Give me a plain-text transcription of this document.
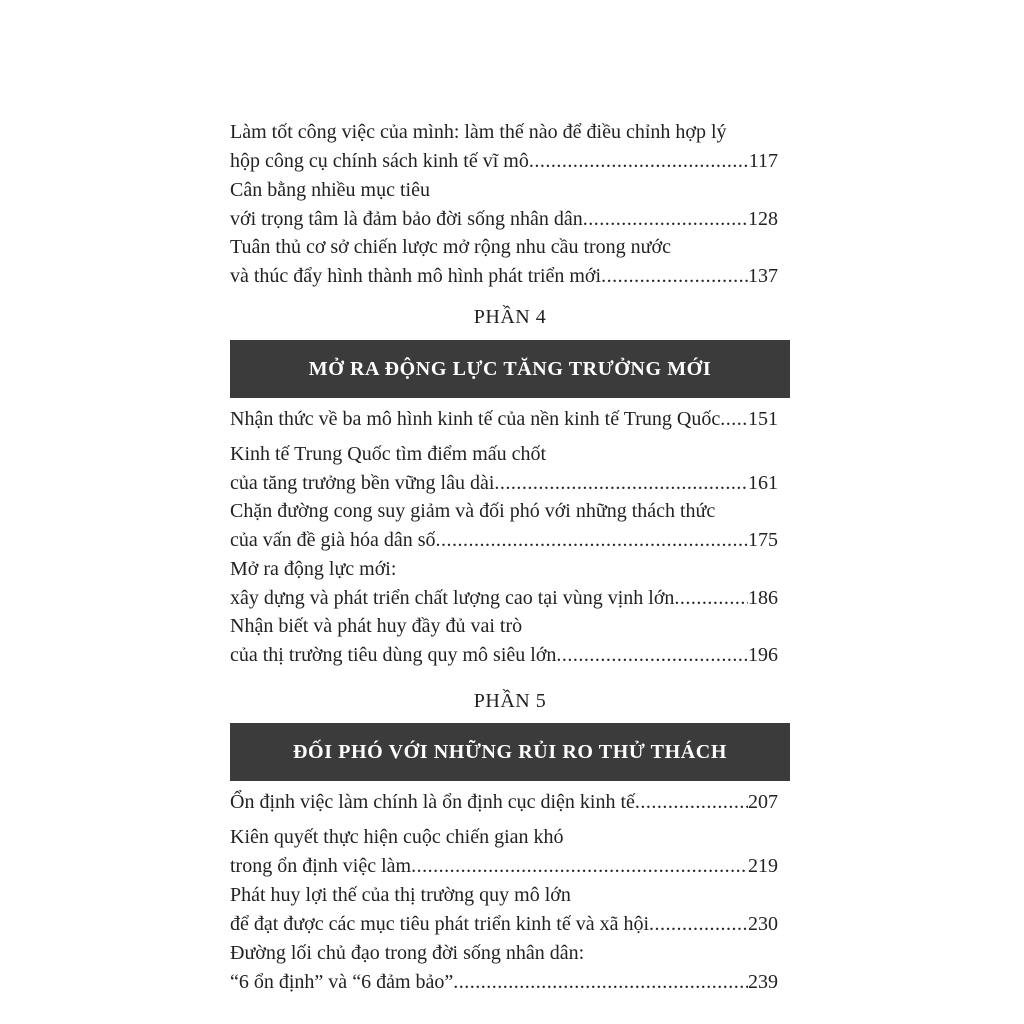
Làm tốt công việc của mình: làm thế nào để điều chỉnh hợp lý
hộp công cụ chính sách kinh tế vĩ mô .....	117
Cân bằng nhiều mục tiêu
với trọng tâm là đảm bảo đời sống nhân dân .....	128
Tuân thủ cơ sở chiến lược mở rộng nhu cầu trong nước
và thúc đẩy hình thành mô hình phát triển mới .....	137
PHẦN 4
MỞ RA ĐỘNG LỰC TĂNG TRƯỞNG MỚI
Nhận thức về ba mô hình kinh tế của nền kinh tế Trung Quốc ..... 151
Kinh tế Trung Quốc tìm điểm mấu chốt
của tăng trưởng bền vững lâu dài .....	161
Chặn đường cong suy giảm và đối phó với những thách thức
của vấn đề già hóa dân số .....	175
Mở ra động lực mới:
xây dựng và phát triển chất lượng cao tại vùng vịnh lớn .....	186
Nhận biết và phát huy đầy đủ vai trò
của thị trường tiêu dùng quy mô siêu lớn .....	196
PHẦN 5
ĐỐI PHÓ VỚI NHỮNG RỦI RO THỬ THÁCH
Ổn định việc làm chính là ổn định cục diện kinh tế .....	207
Kiên quyết thực hiện cuộc chiến gian khó
trong ổn định việc làm .....	219
Phát huy lợi thế của thị trường quy mô lớn
để đạt được các mục tiêu phát triển kinh tế và xã hội .....	230
Đường lối chủ đạo trong đời sống nhân dân:
“6 ổn định” và “6 đảm bảo” .....	239
